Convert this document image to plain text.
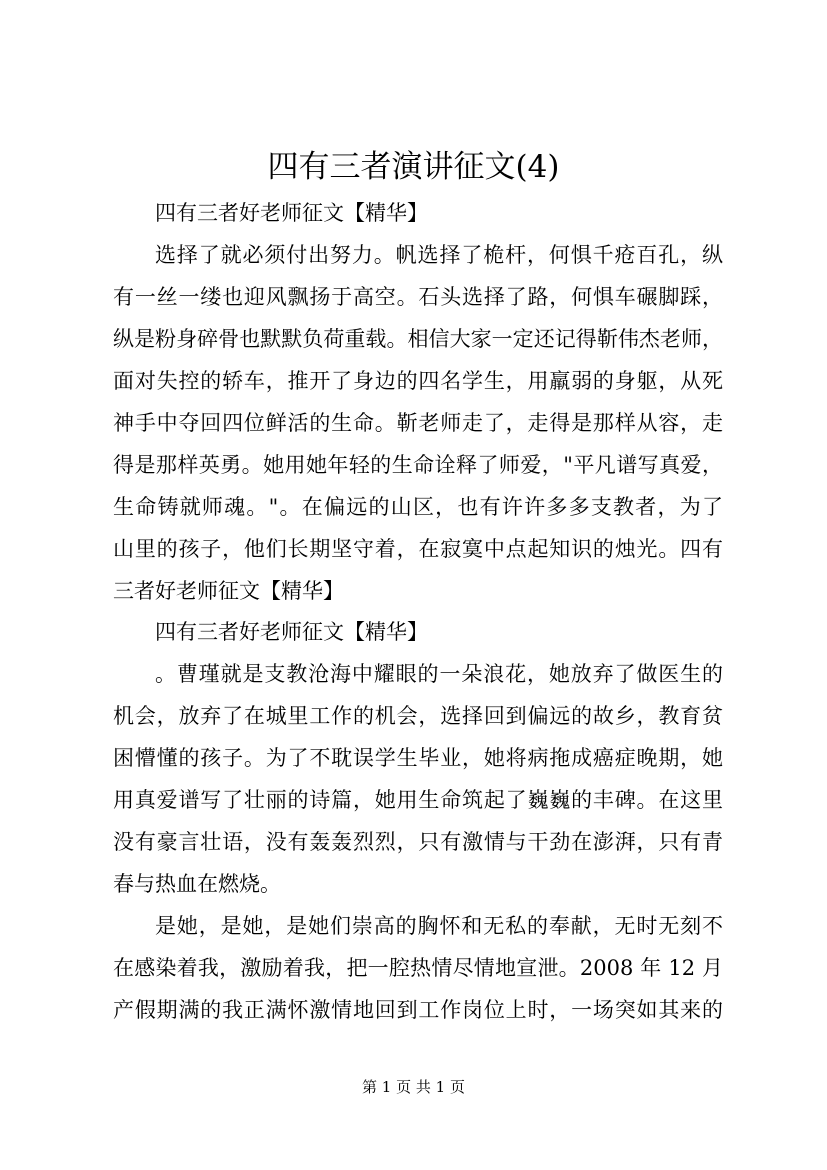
四有三者演讲征文(4)
四有三者好老师征文【精华】
选择了就必须付出努力。帆选择了桅杆，何惧千疮百孔，纵
有一丝一缕也迎风飘扬于高空。石头选择了路，何惧车碾脚踩，
纵是粉身碎骨也默默负荷重载。相信大家一定还记得靳伟杰老师，
面对失控的轿车，推开了身边的四名学生，用羸弱的身躯，从死
神手中夺回四位鲜活的生命。靳老师走了，走得是那样从容，走
得是那样英勇。她用她年轻的生命诠释了师爱，"平凡谱写真爱，
生命铸就师魂。"。在偏远的山区，也有许许多多支教者，为了
山里的孩子，他们长期坚守着，在寂寞中点起知识的烛光。四有
三者好老师征文【精华】
四有三者好老师征文【精华】
。曹瑾就是支教沧海中耀眼的一朵浪花，她放弃了做医生的
机会，放弃了在城里工作的机会，选择回到偏远的故乡，教育贫
困懵懂的孩子。为了不耽误学生毕业，她将病拖成癌症晚期，她
用真爱谱写了壮丽的诗篇，她用生命筑起了巍巍的丰碑。在这里
没有豪言壮语，没有轰轰烈烈，只有激情与干劲在澎湃，只有青
春与热血在燃烧。
是她，是她，是她们崇高的胸怀和无私的奉献，无时无刻不
在感染着我，激励着我，把一腔热情尽情地宣泄。2008 年 12 月
产假期满的我正满怀激情地回到工作岗位上时，一场突如其来的
第 1 页 共 1 页
